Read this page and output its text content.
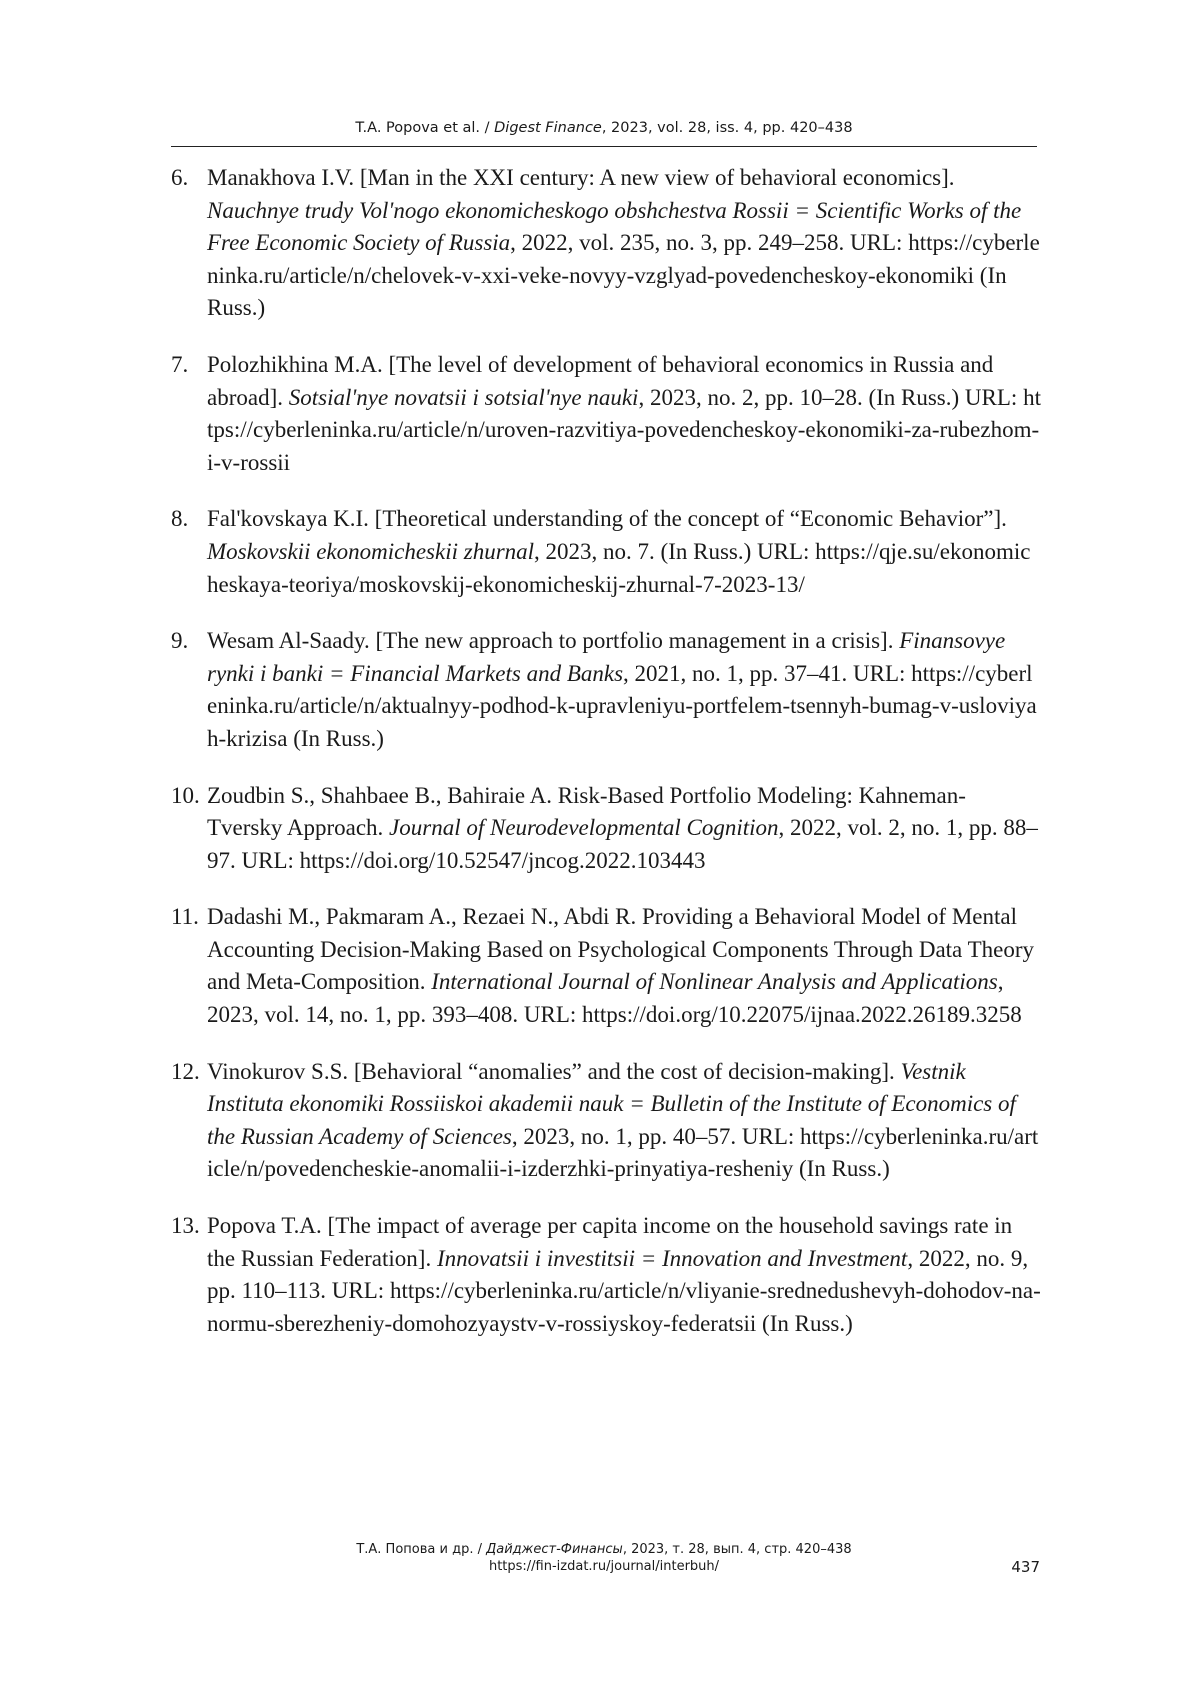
T.A. Popova et al. / Digest Finance, 2023, vol. 28, iss. 4, pp. 420–438
6. Manakhova I.V. [Man in the XXI century: A new view of behavioral economics]. Nauchnye trudy Vol'nogo ekonomicheskogo obshchestva Rossii = Scientific Works of the Free Economic Society of Russia, 2022, vol. 235, no. 3, pp. 249–258. URL: https://cyberleninka.ru/article/n/chelovek-v-xxi-veke-novyy-vzglyad-povedencheskoy-ekonomiki (In Russ.)
7. Polozhikhina M.A. [The level of development of behavioral economics in Russia and abroad]. Sotsial'nye novatsii i sotsial'nye nauki, 2023, no. 2, pp. 10–28. (In Russ.) URL: https://cyberleninka.ru/article/n/uroven-razvitiya-povedencheskoy-ekonomiki-za-rubezhom-i-v-rossii
8. Fal'kovskaya K.I. [Theoretical understanding of the concept of “Economic Behavior”]. Moskovskii ekonomicheskii zhurnal, 2023, no. 7. (In Russ.) URL: https://qje.su/ekonomicheskaya-teoriya/moskovskij-ekonomicheskij-zhurnal-7-2023-13/
9. Wesam Al-Saady. [The new approach to portfolio management in a crisis]. Finansovye rynki i banki = Financial Markets and Banks, 2021, no. 1, pp. 37–41. URL: https://cyberleninka.ru/article/n/aktualnyy-podhod-k-upravleniyu-portfelem-tsennyh-bumag-v-usloviyah-krizisa (In Russ.)
10. Zoudbin S., Shahbaee B., Bahiraie A. Risk-Based Portfolio Modeling: Kahneman-Tversky Approach. Journal of Neurodevelopmental Cognition, 2022, vol. 2, no. 1, pp. 88–97. URL: https://doi.org/10.52547/jncog.2022.103443
11. Dadashi M., Pakmaram A., Rezaei N., Abdi R. Providing a Behavioral Model of Mental Accounting Decision-Making Based on Psychological Components Through Data Theory and Meta-Composition. International Journal of Nonlinear Analysis and Applications, 2023, vol. 14, no. 1, pp. 393–408. URL: https://doi.org/10.22075/ijnaa.2022.26189.3258
12. Vinokurov S.S. [Behavioral “anomalies” and the cost of decision-making]. Vestnik Instituta ekonomiki Rossiiskoi akademii nauk = Bulletin of the Institute of Economics of the Russian Academy of Sciences, 2023, no. 1, pp. 40–57. URL: https://cyberleninka.ru/article/n/povedencheskie-anomalii-i-izderzhki-prinyatiya-resheniy (In Russ.)
13. Popova T.A. [The impact of average per capita income on the household savings rate in the Russian Federation]. Innovatsii i investitsii = Innovation and Investment, 2022, no. 9, pp. 110–113. URL: https://cyberleninka.ru/article/n/vliyanie-srednedushevyh-dohodov-na-normu-sberezheniy-domohozyaystv-v-rossiyskoy-federatsii (In Russ.)
Т.А. Попова и др. / Дайджест-Финансы, 2023, т. 28, вып. 4, стр. 420–438
https://fin-izdat.ru/journal/interbuh/	437
